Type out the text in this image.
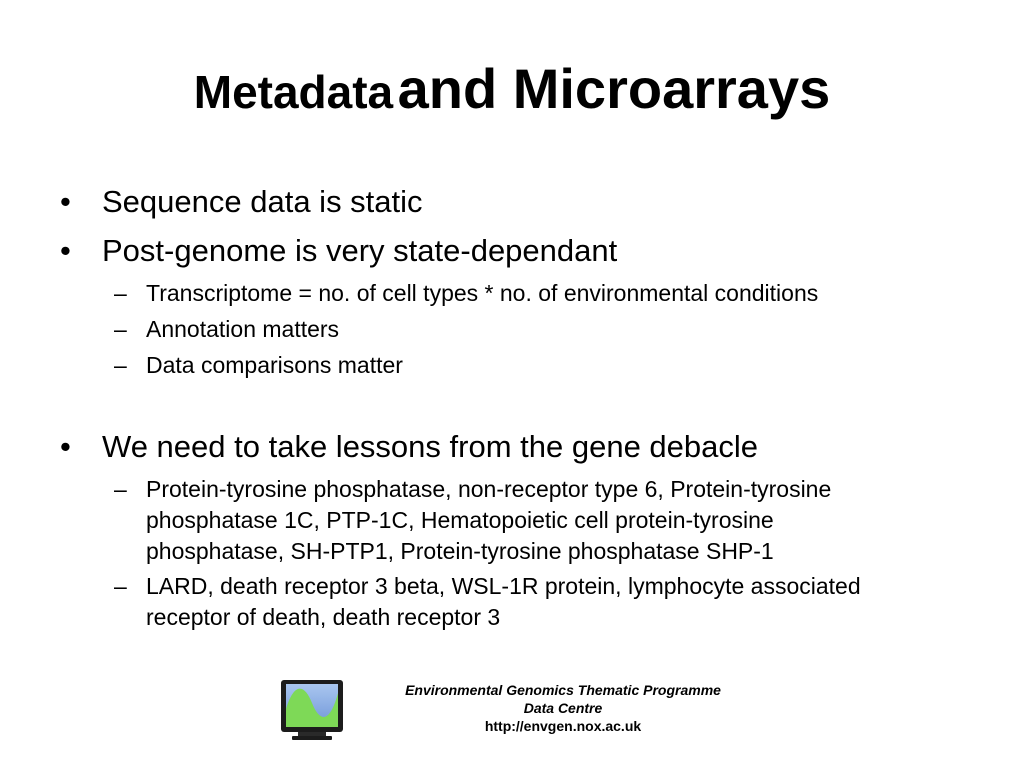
Metadata and Microarrays
• Sequence data is static
• Post-genome is very state-dependant
– Transcriptome = no. of cell types * no. of environmental conditions
– Annotation matters
– Data comparisons matter
• We need to take lessons from the gene debacle
– Protein-tyrosine phosphatase, non-receptor type 6, Protein-tyrosine
phosphatase 1C, PTP-1C, Hematopoietic cell protein-tyrosine
phosphatase, SH-PTP1, Protein-tyrosine phosphatase SHP-1
– LARD, death receptor 3 beta, WSL-1R protein, lymphocyte associated
receptor of death, death receptor 3
Environmental Genomics Thematic Programme
Data Centre
http://envgen.nox.ac.uk
